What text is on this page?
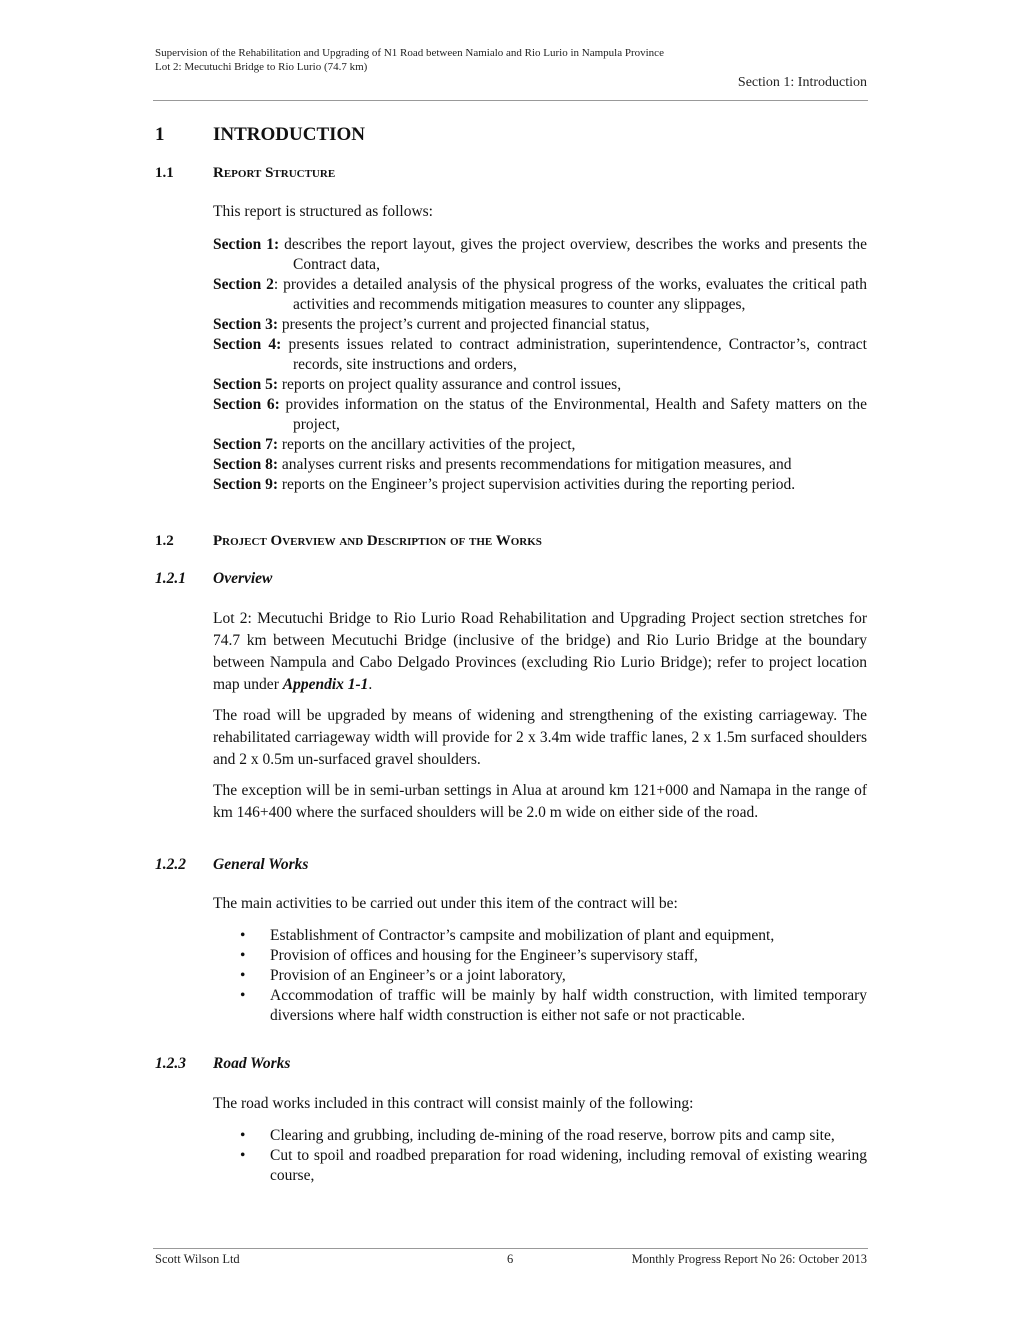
Supervision of the Rehabilitation and Upgrading of N1 Road between Namialo and Rio Lurio in Nampula Province
Lot 2: Mecutuchi Bridge to Rio Lurio (74.7 km)
Section 1: Introduction
1	INTRODUCTION
1.1	Report Structure
This report is structured as follows:
Section 1: describes the report layout, gives the project overview, describes the works and presents the Contract data,
Section 2: provides a detailed analysis of the physical progress of the works, evaluates the critical path activities and recommends mitigation measures to counter any slippages,
Section 3: presents the project’s current and projected financial status,
Section 4: presents issues related to contract administration, superintendence, Contractor’s, contract records, site instructions and orders,
Section 5: reports on project quality assurance and control issues,
Section 6: provides information on the status of the Environmental, Health and Safety matters on the project,
Section 7: reports on the ancillary activities of the project,
Section 8: analyses current risks and presents recommendations for mitigation measures, and
Section 9: reports on the Engineer’s project supervision activities during the reporting period.
1.2	Project Overview and Description of the Works
1.2.1 Overview
Lot 2: Mecutuchi Bridge to Rio Lurio Road Rehabilitation and Upgrading Project section stretches for 74.7 km between Mecutuchi Bridge (inclusive of the bridge) and Rio Lurio Bridge at the boundary between Nampula and Cabo Delgado Provinces (excluding Rio Lurio Bridge); refer to project location map under Appendix 1-1.
The road will be upgraded by means of widening and strengthening of the existing carriageway. The rehabilitated carriageway width will provide for 2 x 3.4m wide traffic lanes, 2 x 1.5m surfaced shoulders and 2 x 0.5m un-surfaced gravel shoulders.
The exception will be in semi-urban settings in Alua at around km 121+000 and Namapa in the range of km 146+400 where the surfaced shoulders will be 2.0 m wide on either side of the road.
1.2.2 General Works
The main activities to be carried out under this item of the contract will be:
• Establishment of Contractor’s campsite and mobilization of plant and equipment,
• Provision of offices and housing for the Engineer’s supervisory staff,
• Provision of an Engineer’s or a joint laboratory,
• Accommodation of traffic will be mainly by half width construction, with limited temporary diversions where half width construction is either not safe or not practicable.
1.2.3 Road Works
The road works included in this contract will consist mainly of the following:
• Clearing and grubbing, including de-mining of the road reserve, borrow pits and camp site,
• Cut to spoil and roadbed preparation for road widening, including removal of existing wearing course,
Scott Wilson Ltd	6	Monthly Progress Report No 26: October 2013
